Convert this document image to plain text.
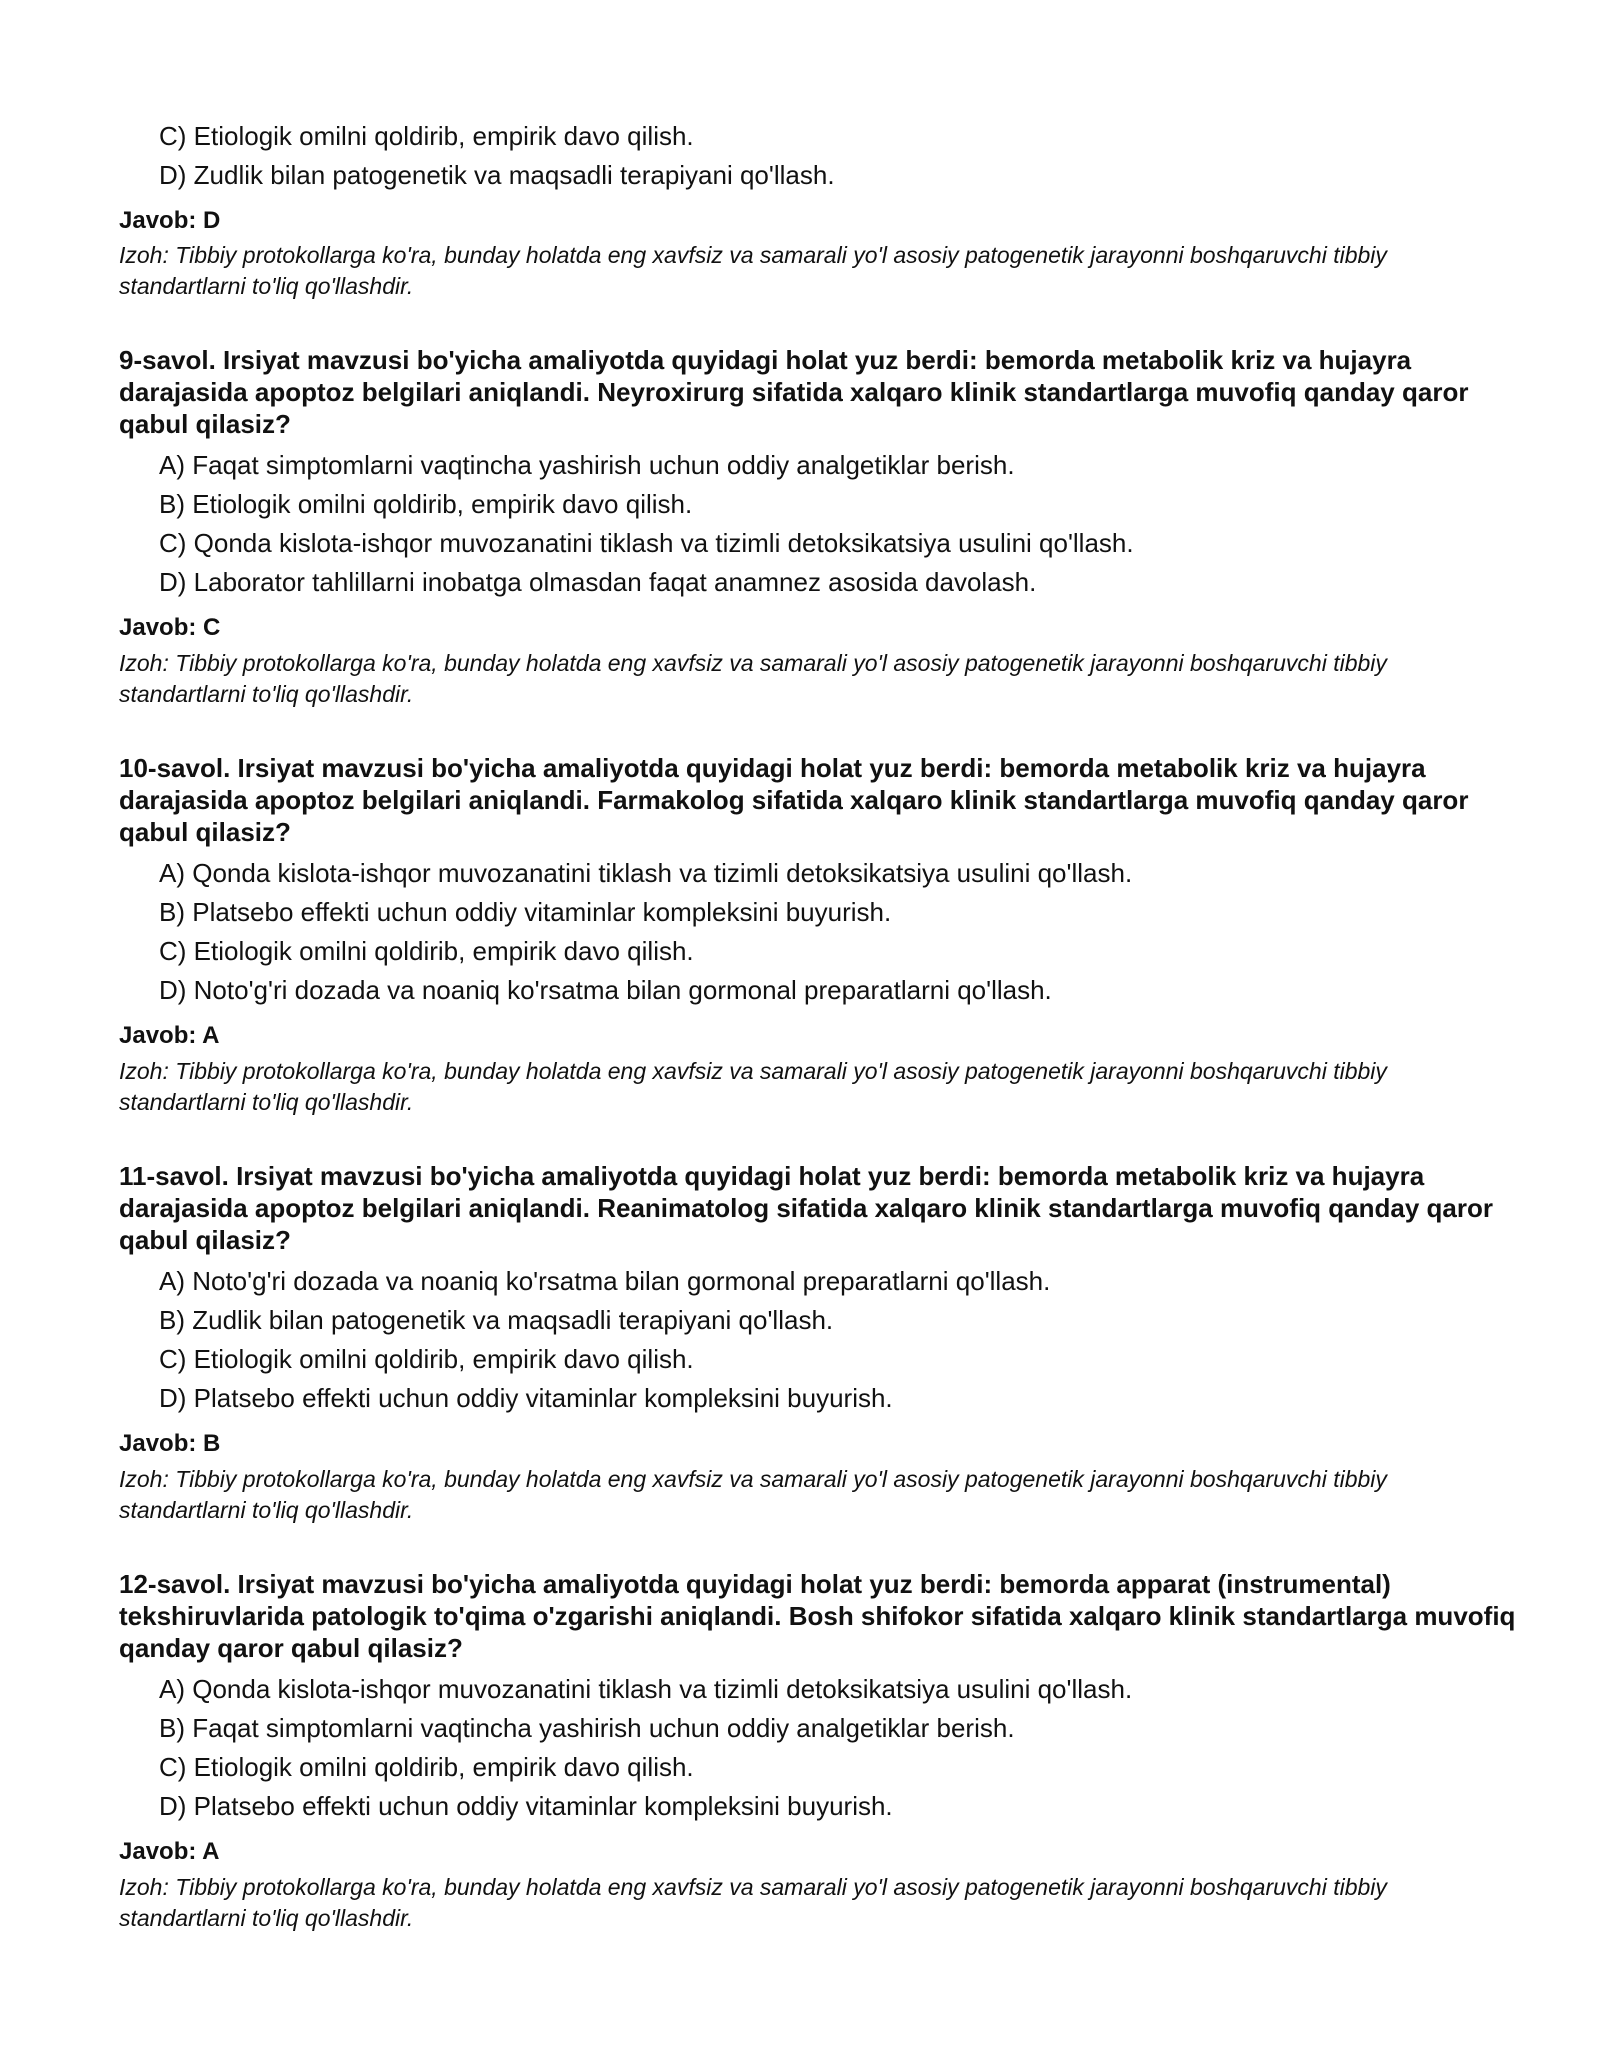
C) Etiologik omilni qoldirib, empirik davo qilish.
D) Zudlik bilan patogenetik va maqsadli terapiyani qo'llash.
Javob: D
Izoh: Tibbiy protokollarga ko'ra, bunday holatda eng xavfsiz va samarali yo'l asosiy patogenetik jarayonni boshqaruvchi tibbiy standartlarni to'liq qo'llashdir.
9-savol. Irsiyat mavzusi bo'yicha amaliyotda quyidagi holat yuz berdi: bemorda metabolik kriz va hujayra darajasida apoptoz belgilari aniqlandi. Neyroxirurg sifatida xalqaro klinik standartlarga muvofiq qanday qaror qabul qilasiz?
A) Faqat simptomlarni vaqtincha yashirish uchun oddiy analgetiklar berish.
B) Etiologik omilni qoldirib, empirik davo qilish.
C) Qonda kislota-ishqor muvozanatini tiklash va tizimli detoksikatsiya usulini qo'llash.
D) Laborator tahlillarni inobatga olmasdan faqat anamnez asosida davolash.
Javob: C
Izoh: Tibbiy protokollarga ko'ra, bunday holatda eng xavfsiz va samarali yo'l asosiy patogenetik jarayonni boshqaruvchi tibbiy standartlarni to'liq qo'llashdir.
10-savol. Irsiyat mavzusi bo'yicha amaliyotda quyidagi holat yuz berdi: bemorda metabolik kriz va hujayra darajasida apoptoz belgilari aniqlandi. Farmakolog sifatida xalqaro klinik standartlarga muvofiq qanday qaror qabul qilasiz?
A) Qonda kislota-ishqor muvozanatini tiklash va tizimli detoksikatsiya usulini qo'llash.
B) Platsebo effekti uchun oddiy vitaminlar kompleksini buyurish.
C) Etiologik omilni qoldirib, empirik davo qilish.
D) Noto'g'ri dozada va noaniq ko'rsatma bilan gormonal preparatlarni qo'llash.
Javob: A
Izoh: Tibbiy protokollarga ko'ra, bunday holatda eng xavfsiz va samarali yo'l asosiy patogenetik jarayonni boshqaruvchi tibbiy standartlarni to'liq qo'llashdir.
11-savol. Irsiyat mavzusi bo'yicha amaliyotda quyidagi holat yuz berdi: bemorda metabolik kriz va hujayra darajasida apoptoz belgilari aniqlandi. Reanimatolog sifatida xalqaro klinik standartlarga muvofiq qanday qaror qabul qilasiz?
A) Noto'g'ri dozada va noaniq ko'rsatma bilan gormonal preparatlarni qo'llash.
B) Zudlik bilan patogenetik va maqsadli terapiyani qo'llash.
C) Etiologik omilni qoldirib, empirik davo qilish.
D) Platsebo effekti uchun oddiy vitaminlar kompleksini buyurish.
Javob: B
Izoh: Tibbiy protokollarga ko'ra, bunday holatda eng xavfsiz va samarali yo'l asosiy patogenetik jarayonni boshqaruvchi tibbiy standartlarni to'liq qo'llashdir.
12-savol. Irsiyat mavzusi bo'yicha amaliyotda quyidagi holat yuz berdi: bemorda apparat (instrumental) tekshiruvlarida patologik to'qima o'zgarishi aniqlandi. Bosh shifokor sifatida xalqaro klinik standartlarga muvofiq qanday qaror qabul qilasiz?
A) Qonda kislota-ishqor muvozanatini tiklash va tizimli detoksikatsiya usulini qo'llash.
B) Faqat simptomlarni vaqtincha yashirish uchun oddiy analgetiklar berish.
C) Etiologik omilni qoldirib, empirik davo qilish.
D) Platsebo effekti uchun oddiy vitaminlar kompleksini buyurish.
Javob: A
Izoh: Tibbiy protokollarga ko'ra, bunday holatda eng xavfsiz va samarali yo'l asosiy patogenetik jarayonni boshqaruvchi tibbiy standartlarni to'liq qo'llashdir.
